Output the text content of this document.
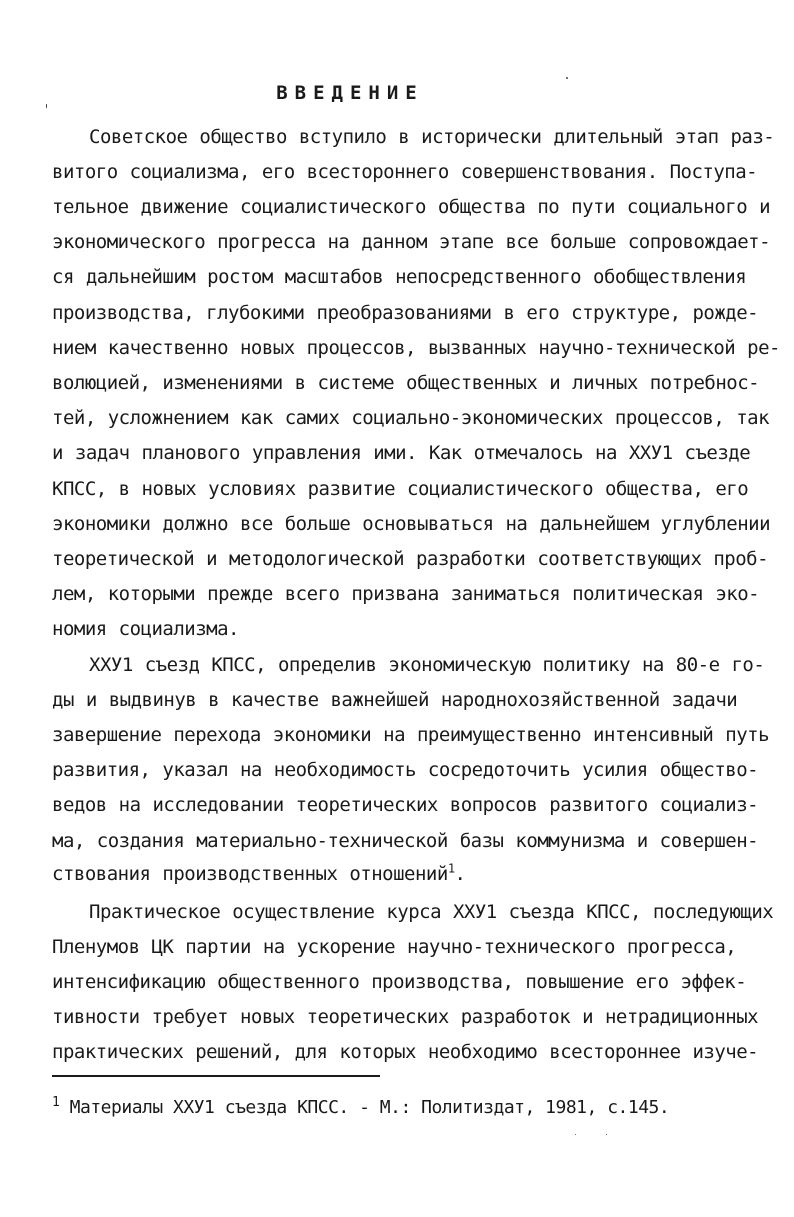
ВВЕДЕНИЕ
Советское общество вступило в исторически длительный этап раз-
витого социализма, его всестороннего совершенствования. Поступа-
тельное движение социалистического общества по пути социального и
экономического прогресса на данном этапе все больше сопровождает-
ся дальнейшим ростом масштабов непосредственного обобществления
производства, глубокими преобразованиями в его структуре, рожде-
нием качественно новых процессов, вызванных научно-технической ре-
волюцией, изменениями в системе общественных и личных потребнос-
тей, усложнением как самих социально-экономических процессов, так
и задач планового управления ими. Как отмечалось на XXУ1 съезде
КПСС, в новых условиях развитие социалистического общества, его
экономики должно все больше основываться на дальнейшем углублении
теоретической и методологической разработки соответствующих проб-
лем, которыми прежде всего призвана заниматься политическая эко-
номия социализма.
XXУ1 съезд КПСС, определив экономическую политику на 80-е го-
ды и выдвинув в качестве важнейшей народнохозяйственной задачи
завершение перехода экономики на преимущественно интенсивный путь
развития, указал на необходимость сосредоточить усилия общество-
ведов на исследовании теоретических вопросов развитого социализ-
ма, создания материально-технической базы коммунизма и совершен-
ствования производственных отношений$^1$.
Практическое осуществление курса XXУ1 съезда КПСС, последующих
Пленумов ЦК партии на ускорение научно-технического прогресса,
интенсификацию общественного производства, повышение его эффек-
тивности требует новых теоретических разработок и нетрадиционных
практических решений, для которых необходимо всестороннее изуче-
$^1$ Материалы XXУ1 съезда КПСС. - М.: Политиздат, 1981, с.145.
